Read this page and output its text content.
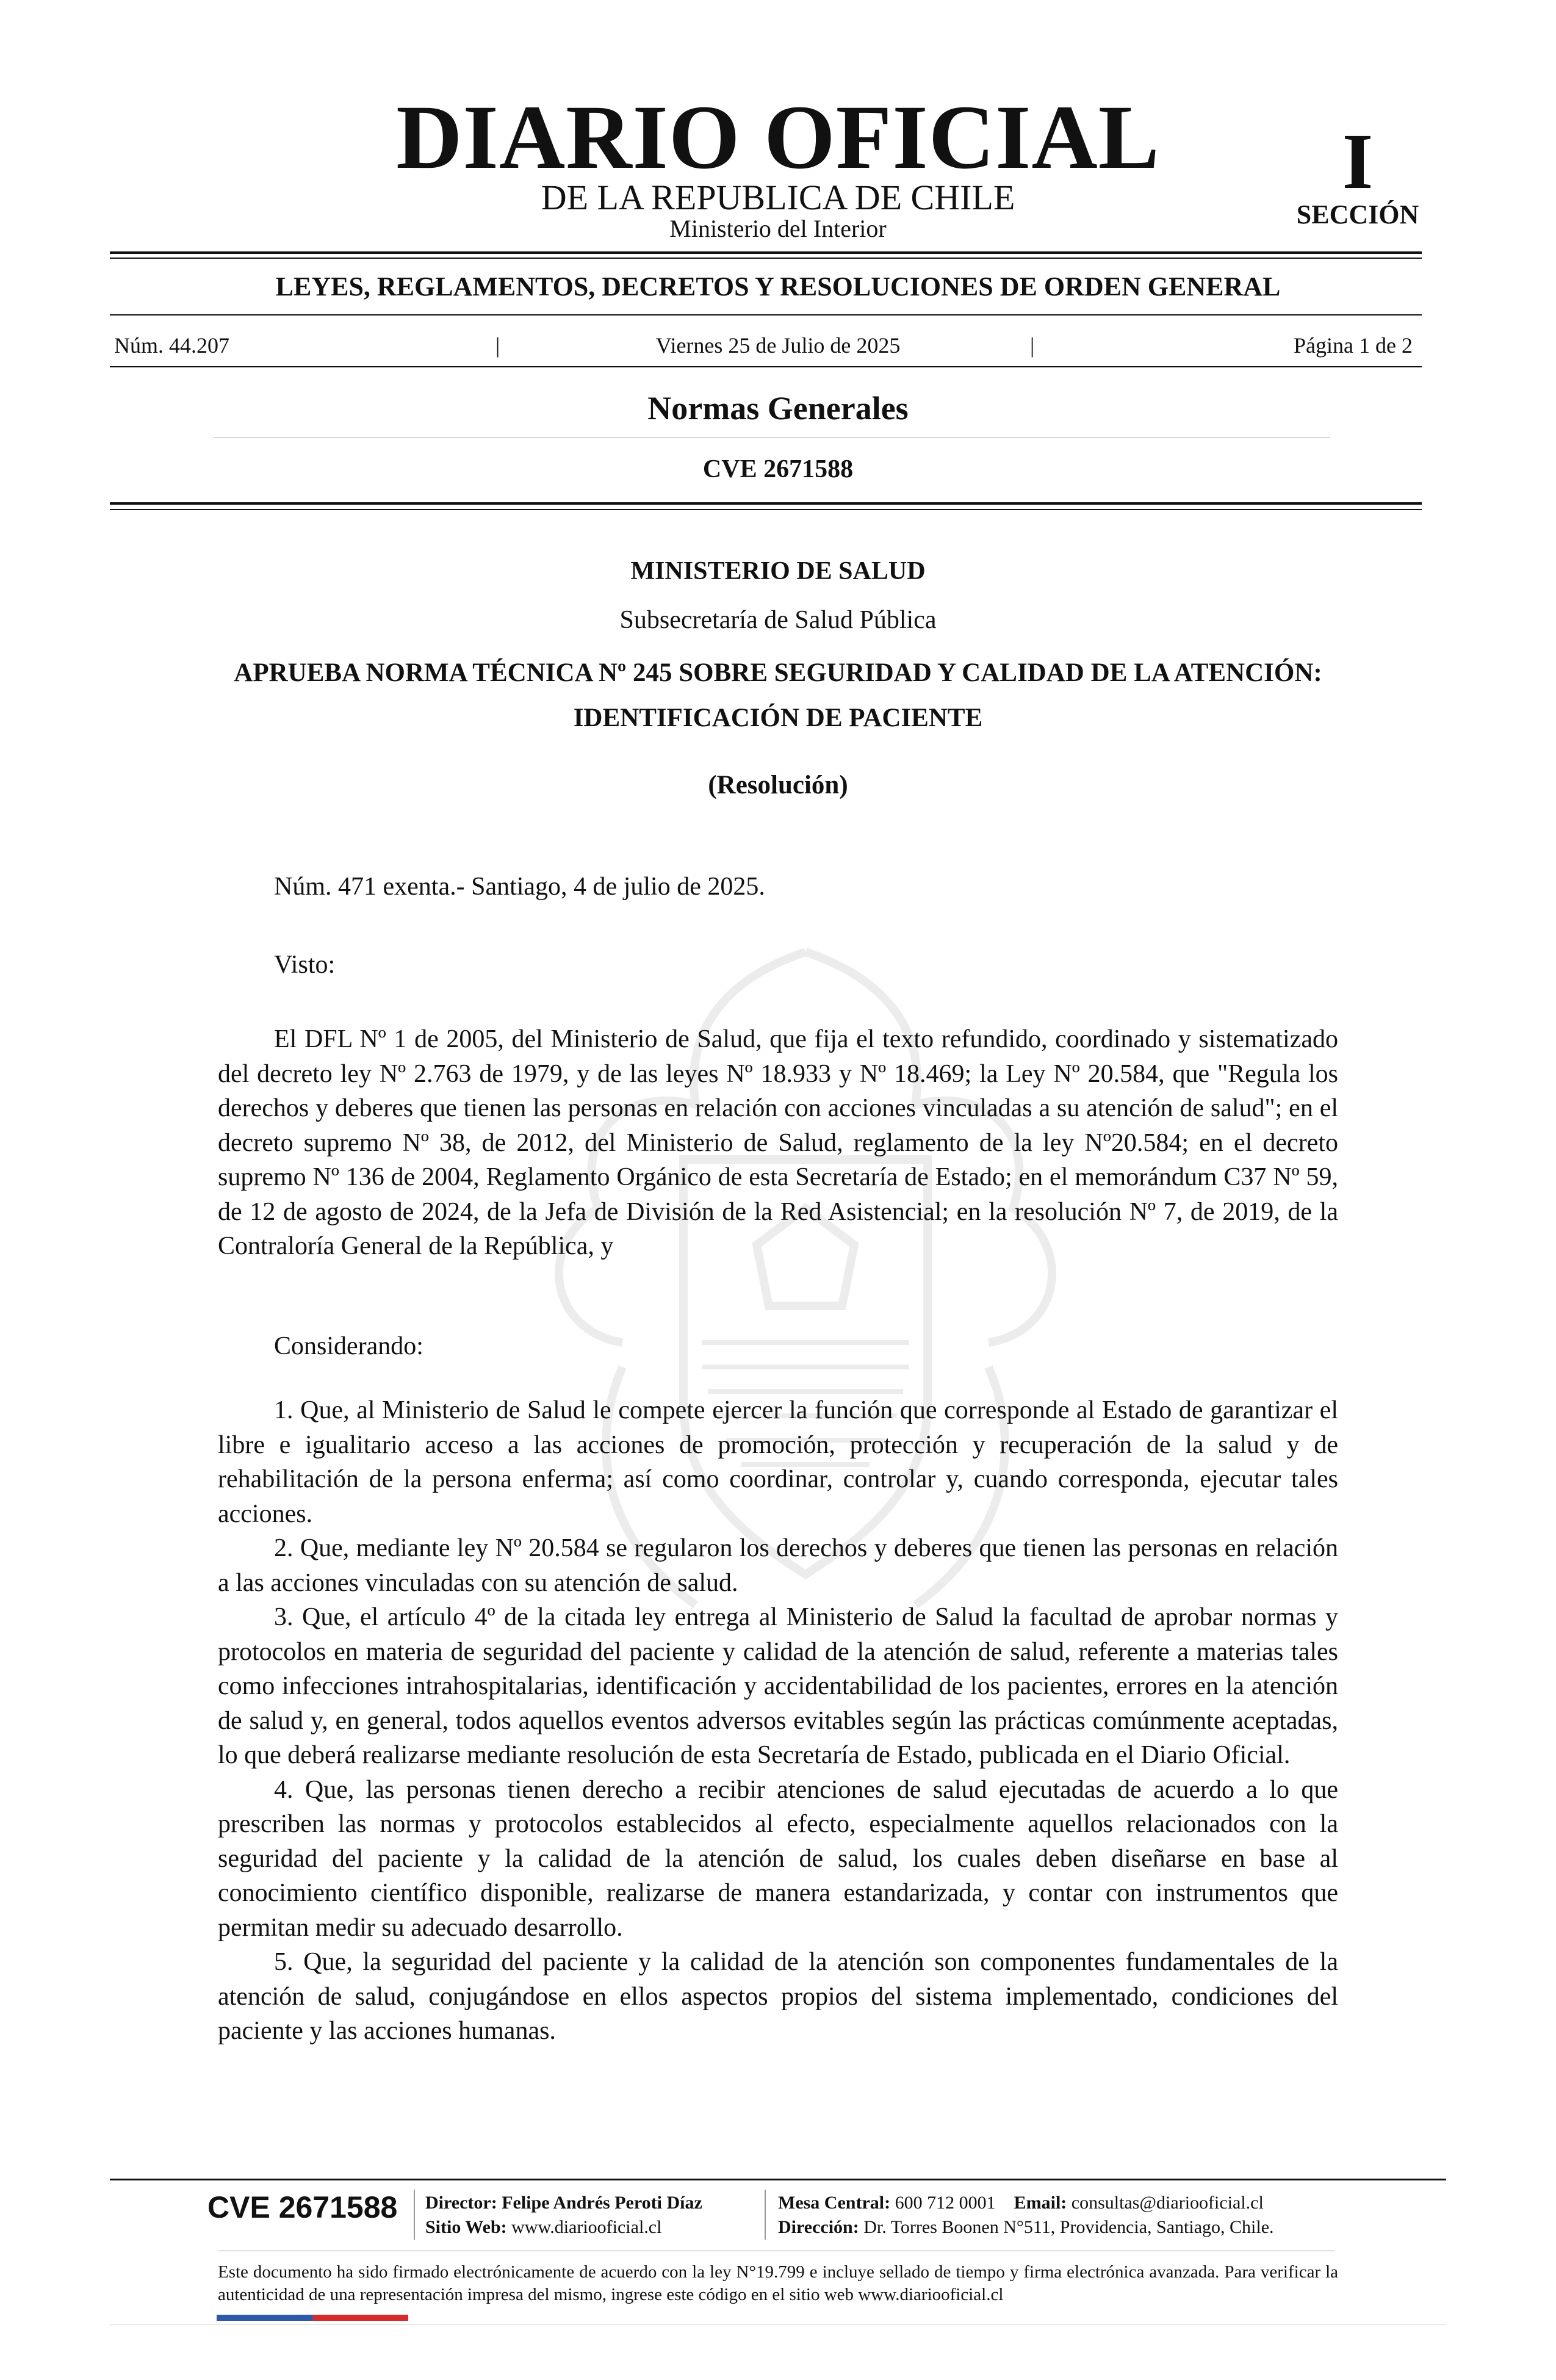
DIARIO OFICIAL
DE LA REPUBLICA DE CHILE
Ministerio del Interior
I
SECCIÓN
LEYES, REGLAMENTOS, DECRETOS Y RESOLUCIONES DE ORDEN GENERAL
Núm. 44.207	|	Viernes 25 de Julio de 2025	|	Página 1 de 2
Normas Generales
CVE 2671588
MINISTERIO DE SALUD
Subsecretaría de Salud Pública
APRUEBA NORMA TÉCNICA Nº 245 SOBRE SEGURIDAD Y CALIDAD DE LA ATENCIÓN: IDENTIFICACIÓN DE PACIENTE
(Resolución)
Núm. 471 exenta.- Santiago, 4 de julio de 2025.
Visto:
El DFL Nº 1 de 2005, del Ministerio de Salud, que fija el texto refundido, coordinado y sistematizado del decreto ley Nº 2.763 de 1979, y de las leyes Nº 18.933 y Nº 18.469; la Ley Nº 20.584, que "Regula los derechos y deberes que tienen las personas en relación con acciones vinculadas a su atención de salud"; en el decreto supremo Nº 38, de 2012, del Ministerio de Salud, reglamento de la ley Nº20.584; en el decreto supremo Nº 136 de 2004, Reglamento Orgánico de esta Secretaría de Estado; en el memorándum C37 Nº 59, de 12 de agosto de 2024, de la Jefa de División de la Red Asistencial; en la resolución Nº 7, de 2019, de la Contraloría General de la República, y
Considerando:
1. Que, al Ministerio de Salud le compete ejercer la función que corresponde al Estado de garantizar el libre e igualitario acceso a las acciones de promoción, protección y recuperación de la salud y de rehabilitación de la persona enferma; así como coordinar, controlar y, cuando corresponda, ejecutar tales acciones.
2. Que, mediante ley Nº 20.584 se regularon los derechos y deberes que tienen las personas en relación a las acciones vinculadas con su atención de salud.
3. Que, el artículo 4º de la citada ley entrega al Ministerio de Salud la facultad de aprobar normas y protocolos en materia de seguridad del paciente y calidad de la atención de salud, referente a materias tales como infecciones intrahospitalarias, identificación y accidentabilidad de los pacientes, errores en la atención de salud y, en general, todos aquellos eventos adversos evitables según las prácticas comúnmente aceptadas, lo que deberá realizarse mediante resolución de esta Secretaría de Estado, publicada en el Diario Oficial.
4. Que, las personas tienen derecho a recibir atenciones de salud ejecutadas de acuerdo a lo que prescriben las normas y protocolos establecidos al efecto, especialmente aquellos relacionados con la seguridad del paciente y la calidad de la atención de salud, los cuales deben diseñarse en base al conocimiento científico disponible, realizarse de manera estandarizada, y contar con instrumentos que permitan medir su adecuado desarrollo.
5. Que, la seguridad del paciente y la calidad de la atención son componentes fundamentales de la atención de salud, conjugándose en ellos aspectos propios del sistema implementado, condiciones del paciente y las acciones humanas.
CVE 2671588 Director: Felipe Andrés Peroti Díaz
Sitio Web: www.diariooficial.cl
Mesa Central: 600 712 0001 Email: consultas@diariooficial.cl
Dirección: Dr. Torres Boonen N°511, Providencia, Santiago, Chile.
Este documento ha sido firmado electrónicamente de acuerdo con la ley N°19.799 e incluye sellado de tiempo y firma electrónica avanzada. Para verificar la autenticidad de una representación impresa del mismo, ingrese este código en el sitio web www.diariooficial.cl
